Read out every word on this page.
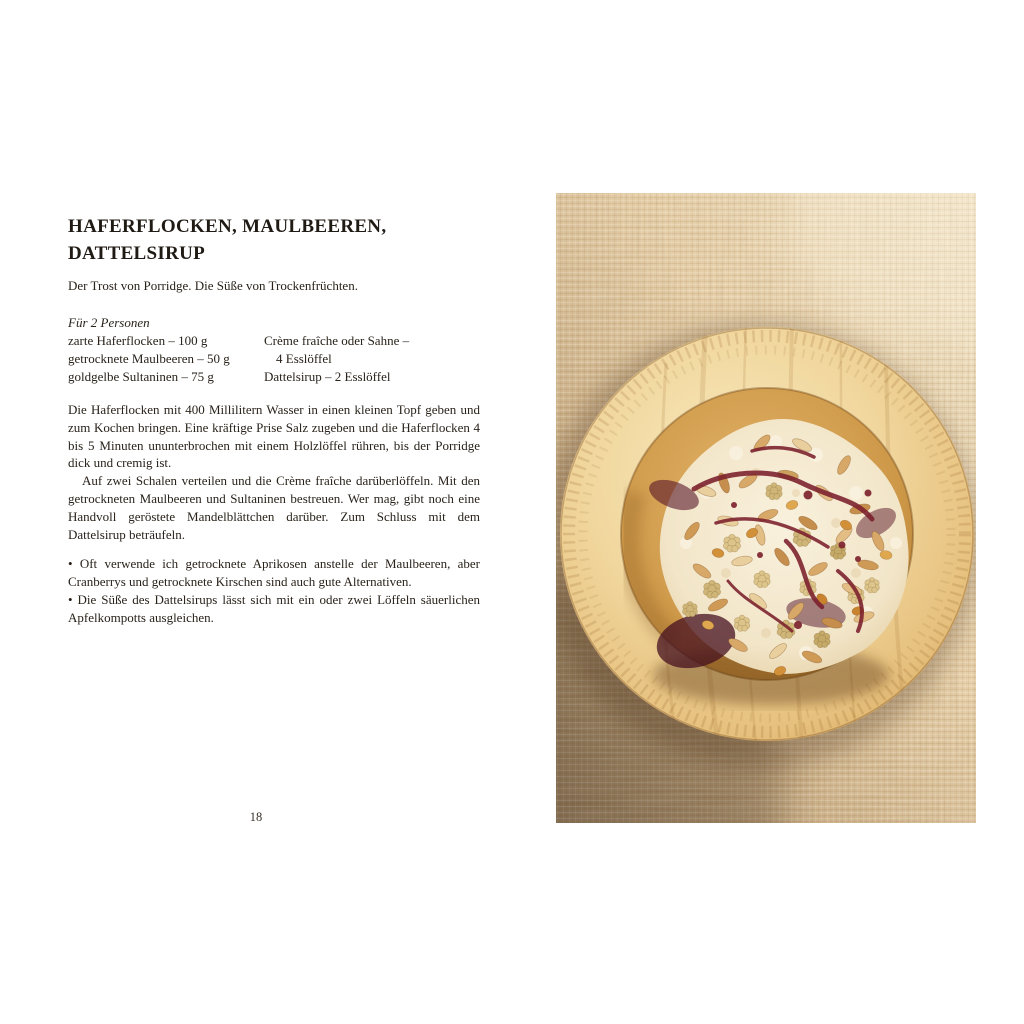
HAFERFLOCKEN, MAULBEEREN,
DATTELSIRUP

Der Trost von Porridge. Die Süße von Trockenfrüchten.

Für 2 Personen

zarte Haferflocken – 100 g
getrocknete Maulbeeren – 50 g
goldgelbe Sultaninen – 75 g
Crème fraîche oder Sahne –
4 Esslöffel
Dattelsirup – 2 Esslöffel

Die Haferflocken mit 400 Millilitern Wasser in einen kleinen Topf geben und zum Kochen bringen. Eine kräftige Prise Salz zugeben und die Haferflocken 4 bis 5 Minuten ununterbrochen mit einem Holzlöffel rühren, bis der Porridge dick und cremig ist.

Auf zwei Schalen verteilen und die Crème fraîche darüberlöffeln. Mit den getrockneten Maulbeeren und Sultaninen bestreuen. Wer mag, gibt noch eine Handvoll geröstete Mandelblättchen darüber. Zum Schluss mit dem Dattelsirup beträufeln.

• Oft verwende ich getrocknete Aprikosen anstelle der Maulbeeren, aber Cranberrys und getrocknete Kirschen sind auch gute Alternativen.

• Die Süße des Dattelsirups lässt sich mit ein oder zwei Löffeln säuerlichen Apfelkompotts ausgleichen.

18
